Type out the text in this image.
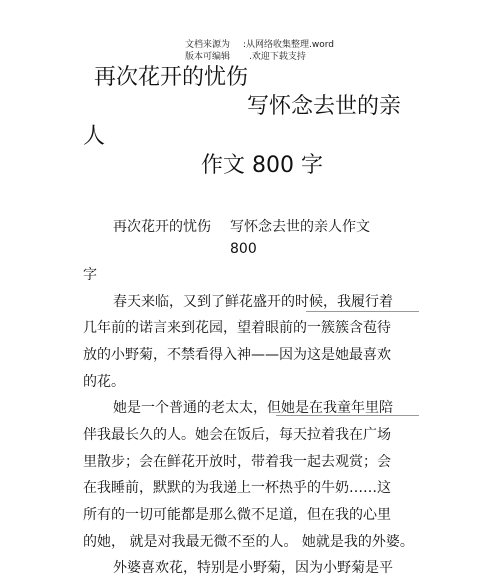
文档来源为 :从网络收集整理.word
版本可编辑 .欢迎下载支持
再次花开的忧伤
写怀念去世的亲
人
作文 800 字
再次花开的忧伤 写怀念去世的亲人作文
800
字
春天来临，又到了鲜花盛开的时候，我履行着
几年前的诺言来到花园，望着眼前的一簇簇含苞待
放的小野菊，不禁看得入神——因为这是她最喜欢
的花。
她是一个普通的老太太，但她是在我童年里陪
伴我最长久的人。她会在饭后，每天拉着我在广场
里散步；会在鲜花开放时，带着我一起去观赏；会
在我睡前，默默的为我递上一杯热乎的牛奶……这
所有的一切可能都是那么微不足道，但在我的心里
的她， 就是对我最无微不至的人。 她就是我的外婆。
外婆喜欢花，特别是小野菊，因为小野菊是平
